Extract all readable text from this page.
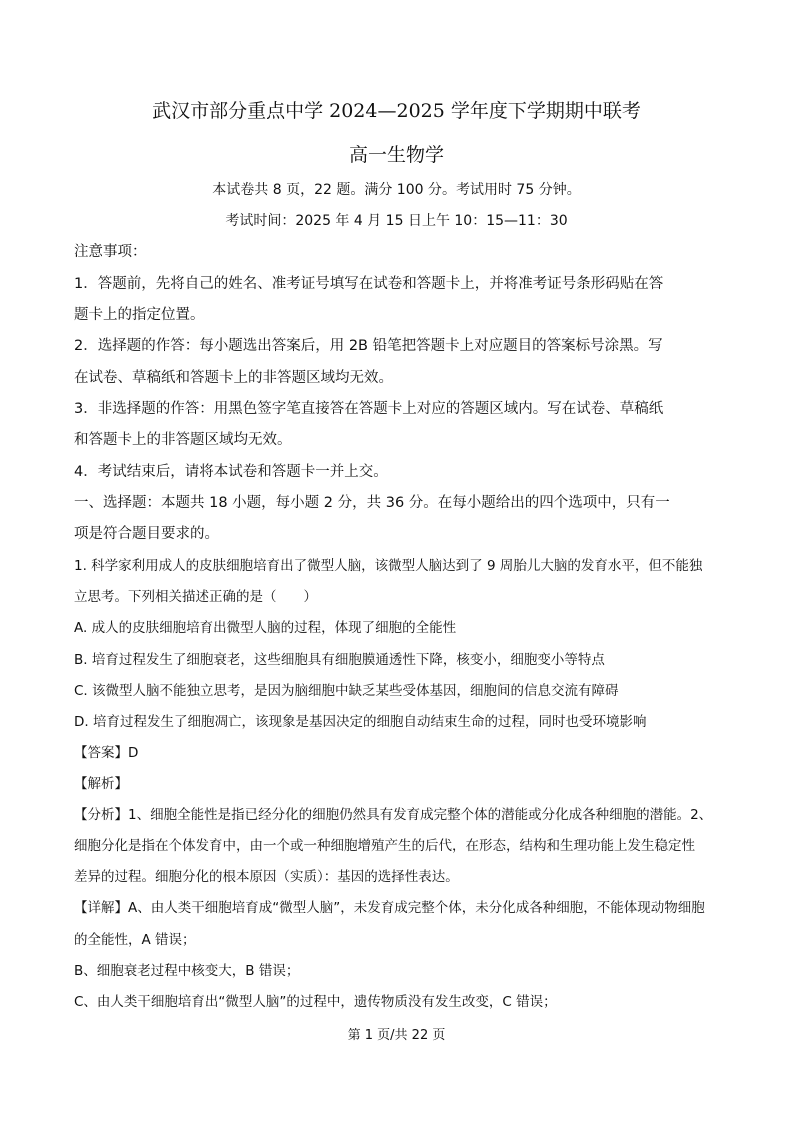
武汉市部分重点中学 2024—2025 学年度下学期期中联考
高一生物学
本试卷共 8 页，22 题。满分 100 分。考试用时 75 分钟。
考试时间：2025 年 4 月 15 日上午 10：15—11：30
注意事项：
1．答题前，先将自己的姓名、准考证号填写在试卷和答题卡上，并将准考证号条形码贴在答
题卡上的指定位置。
2．选择题的作答：每小题选出答案后，用 2B 铅笔把答题卡上对应题目的答案标号涂黑。写
在试卷、草稿纸和答题卡上的非答题区域均无效。
3．非选择题的作答：用黑色签字笔直接答在答题卡上对应的答题区域内。写在试卷、草稿纸
和答题卡上的非答题区域均无效。
4．考试结束后，请将本试卷和答题卡一并上交。
一、选择题：本题共 18 小题，每小题 2 分，共 36 分。在每小题给出的四个选项中，只有一
项是符合题目要求的。
1. 科学家利用成人的皮肤细胞培育出了微型人脑，该微型人脑达到了 9 周胎儿大脑的发育水平，但不能独
立思考。下列相关描述正确的是（　　）
A. 成人的皮肤细胞培育出微型人脑的过程，体现了细胞的全能性
B. 培育过程发生了细胞衰老，这些细胞具有细胞膜通透性下降，核变小，细胞变小等特点
C. 该微型人脑不能独立思考，是因为脑细胞中缺乏某些受体基因，细胞间的信息交流有障碍
D. 培育过程发生了细胞凋亡，该现象是基因决定的细胞自动结束生命的过程，同时也受环境影响
【答案】D
【解析】
【分析】1、细胞全能性是指已经分化的细胞仍然具有发育成完整个体的潜能或分化成各种细胞的潜能。2、
细胞分化是指在个体发育中，由一个或一种细胞增殖产生的后代，在形态，结构和生理功能上发生稳定性
差异的过程。细胞分化的根本原因（实质）：基因的选择性表达。
【详解】A、由人类干细胞培育成“微型人脑”，未发育成完整个体，未分化成各种细胞，不能体现动物细胞
的全能性，A 错误；
B、细胞衰老过程中核变大，B 错误；
C、由人类干细胞培育出“微型人脑”的过程中，遗传物质没有发生改变，C 错误；
第 1 页/共 22 页
